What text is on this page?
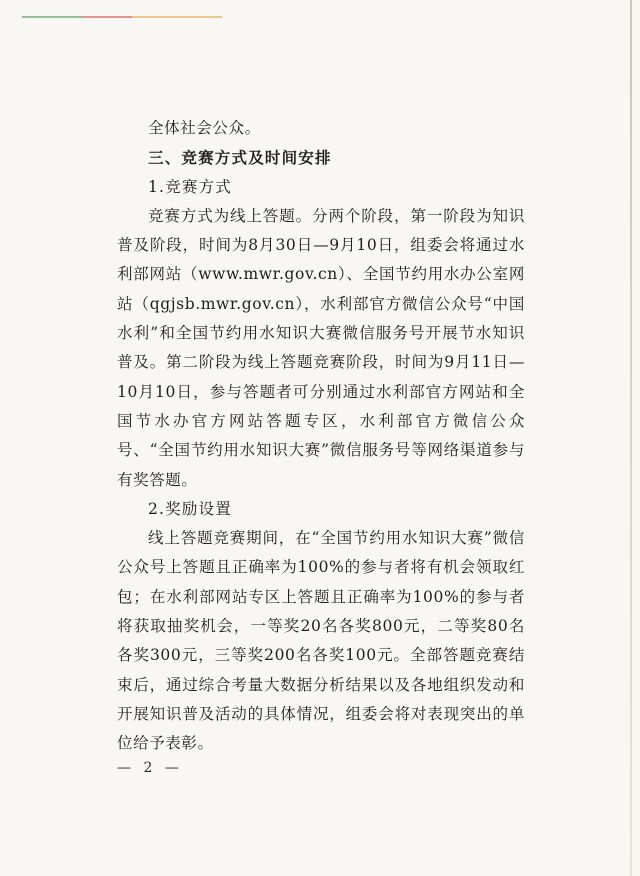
全体社会公众。

三、竞赛方式及时间安排

1.竞赛方式

竞赛方式为线上答题。分两个阶段，第一阶段为知识普及阶段，时间为8月30日—9月10日，组委会将通过水利部网站（www.mwr.gov.cn）、全国节约用水办公室网站（qgjsb.mwr.gov.cn），水利部官方微信公众号“中国水利”和全国节约用水知识大赛微信服务号开展节水知识普及。第二阶段为线上答题竞赛阶段，时间为9月11日—10月10日，参与答题者可分别通过水利部官方网站和全国节水办官方网站答题专区，水利部官方微信公众号、“全国节约用水知识大赛”微信服务号等网络渠道参与有奖答题。

2.奖励设置

线上答题竞赛期间，在“全国节约用水知识大赛”微信公众号上答题且正确率为100%的参与者将有机会领取红包；在水利部网站专区上答题且正确率为100%的参与者将获取抽奖机会，一等奖20名各奖800元，二等奖80名各奖300元，三等奖200名各奖100元。全部答题竞赛结束后，通过综合考量大数据分析结果以及各地组织发动和开展知识普及活动的具体情况，组委会将对表现突出的单位给予表彰。

— 2 —
